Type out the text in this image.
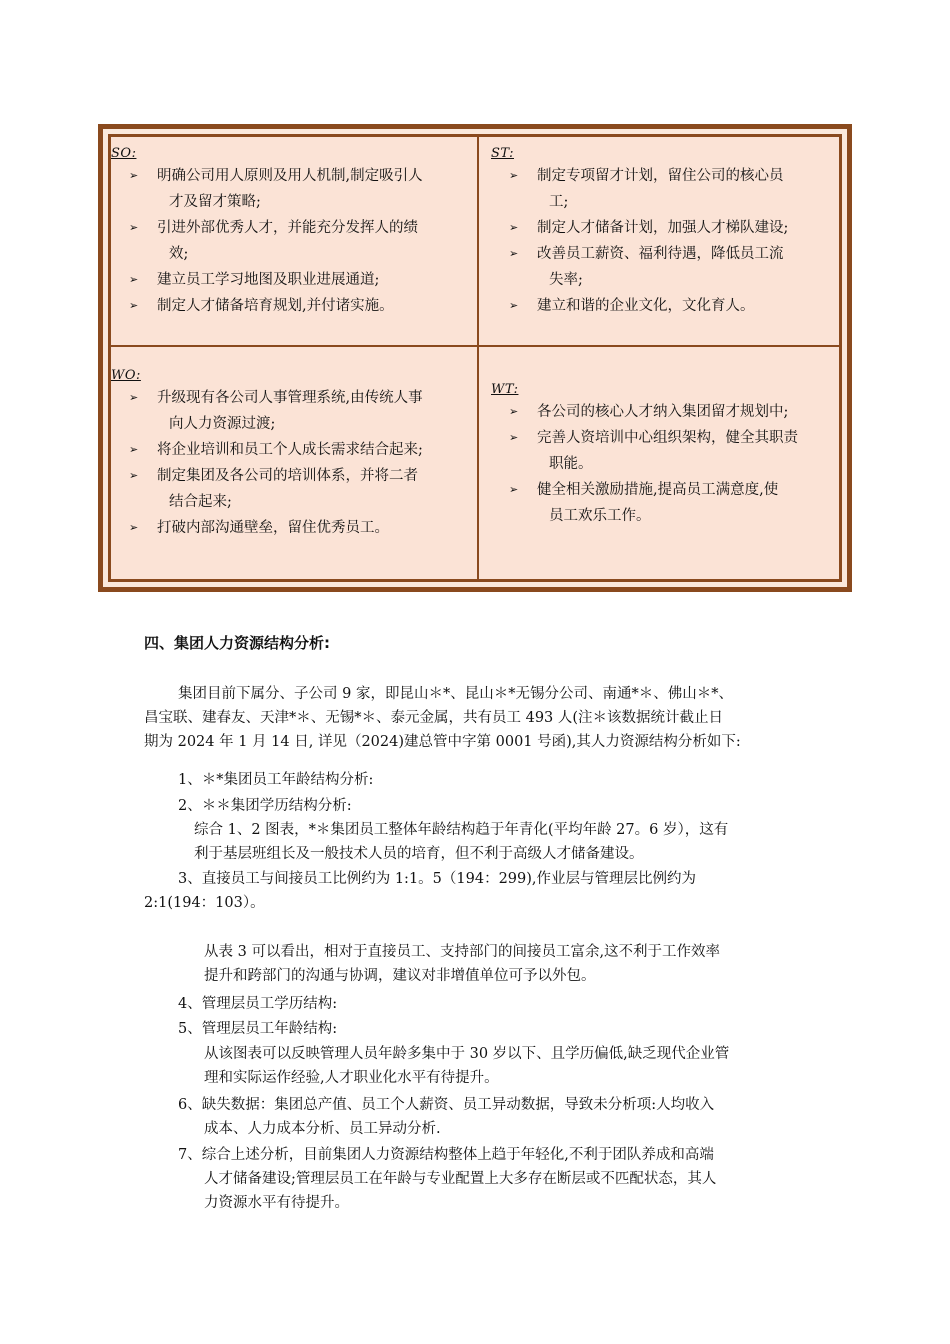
SO:
➢ 明确公司用人原则及用人机制,制定吸引人
才及留才策略;
➢ 引进外部优秀人才，并能充分发挥人的绩
效;
➢ 建立员工学习地图及职业进展通道;
➢ 制定人才储备培育规划,并付诸实施。
ST:
➢ 制定专项留才计划，留住公司的核心员
工;
➢ 制定人才储备计划，加强人才梯队建设;
➢ 改善员工薪资、福利待遇，降低员工流
失率;
➢ 建立和谐的企业文化，文化育人。
WO:
➢ 升级现有各公司人事管理系统,由传统人事
向人力资源过渡;
➢ 将企业培训和员工个人成长需求结合起来;
➢ 制定集团及各公司的培训体系，并将二者
结合起来;
➢ 打破内部沟通壁垒，留住优秀员工。
WT:
➢ 各公司的核心人才纳入集团留才规划中;
➢ 完善人资培训中心组织架构，健全其职责
职能。
➢ 健全相关激励措施,提高员工满意度,使
员工欢乐工作。
四、集团人力资源结构分析:
集团目前下属分、子公司 9 家，即昆山＊*、昆山＊*无锡分公司、南通*＊、佛山＊*、
昌宝联、建春友、天津*＊、无锡*＊、泰元金属，共有员工 493 人(注＊该数据统计截止日
期为 2024 年 1 月 14 日, 详见（2024)建总管中字第 0001 号函),其人力资源结构分析如下:
1、＊*集团员工年龄结构分析:
2、＊＊集团学历结构分析:
综合 1、2 图表，*＊集团员工整体年龄结构趋于年青化(平均年龄 27。6 岁），这有
利于基层班组长及一般技术人员的培育，但不利于高级人才储备建设。
3、直接员工与间接员工比例约为 1:1。5（194：299),作业层与管理层比例约为
2:1(194：103）。
从表 3 可以看出，相对于直接员工、支持部门的间接员工富余,这不利于工作效率
提升和跨部门的沟通与协调，建议对非增值单位可予以外包。
4、管理层员工学历结构:
5、管理层员工年龄结构:
从该图表可以反映管理人员年龄多集中于 30 岁以下、且学历偏低,缺乏现代企业管
理和实际运作经验,人才职业化水平有待提升。
6、缺失数据：集团总产值、员工个人薪资、员工异动数据，导致未分析项:人均收入
成本、人力成本分析、员工异动分析.
7、综合上述分析，目前集团人力资源结构整体上趋于年轻化,不利于团队养成和高端
人才储备建设;管理层员工在年龄与专业配置上大多存在断层或不匹配状态，其人
力资源水平有待提升。
